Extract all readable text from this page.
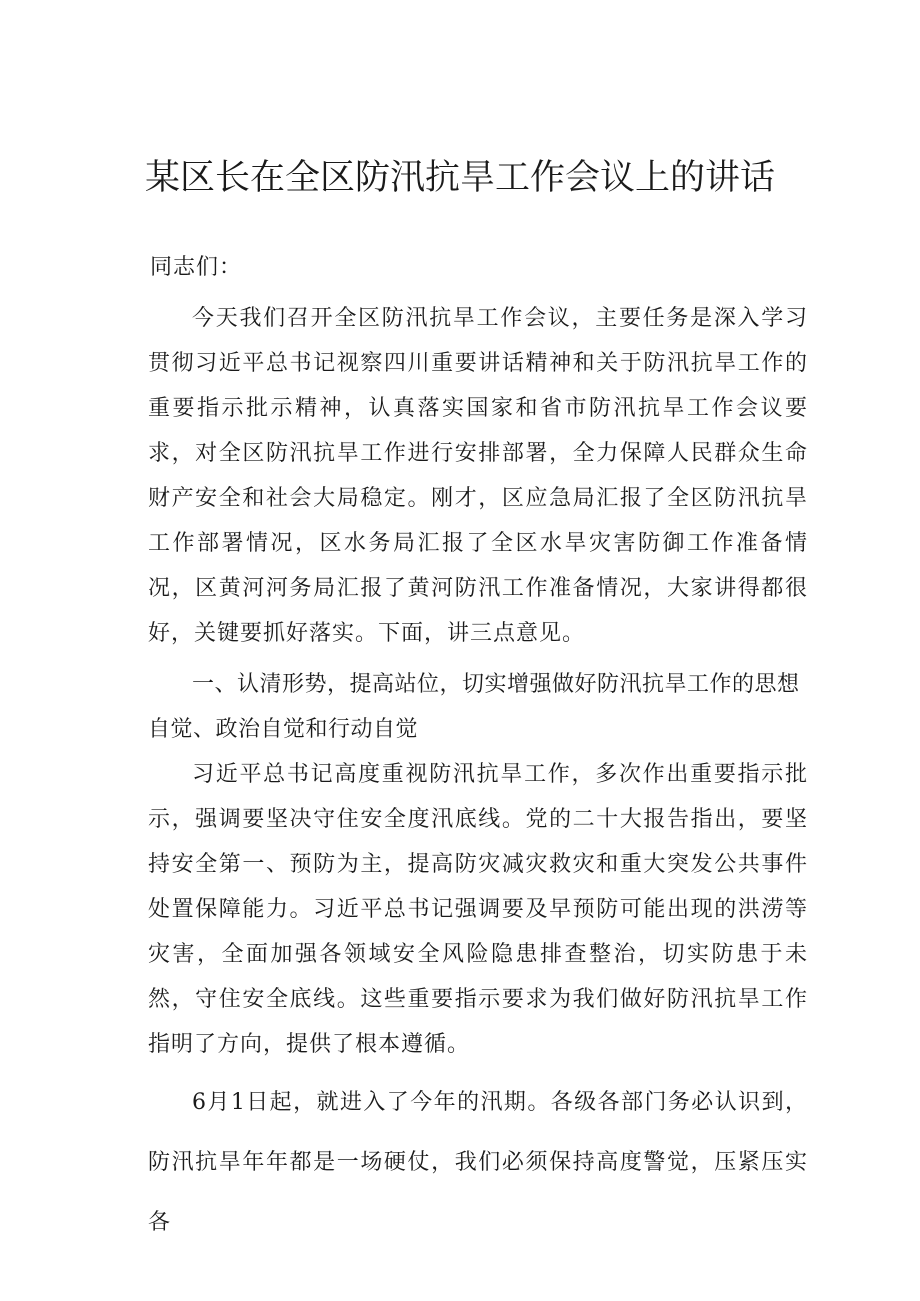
某区长在全区防汛抗旱工作会议上的讲话

同志们：

今天我们召开全区防汛抗旱工作会议，主要任务是深入学习贯彻习近平总书记视察四川重要讲话精神和关于防汛抗旱工作的重要指示批示精神，认真落实国家和省市防汛抗旱工作会议要求，对全区防汛抗旱工作进行安排部署，全力保障人民群众生命财产安全和社会大局稳定。刚才，区应急局汇报了全区防汛抗旱工作部署情况，区水务局汇报了全区水旱灾害防御工作准备情况，区黄河河务局汇报了黄河防汛工作准备情况，大家讲得都很好，关键要抓好落实。下面，讲三点意见。

一、认清形势，提高站位，切实增强做好防汛抗旱工作的思想自觉、政治自觉和行动自觉

习近平总书记高度重视防汛抗旱工作，多次作出重要指示批示，强调要坚决守住安全度汛底线。党的二十大报告指出，要坚持安全第一、预防为主，提高防灾减灾救灾和重大突发公共事件处置保障能力。习近平总书记强调要及早预防可能出现的洪涝等灾害，全面加强各领域安全风险隐患排查整治，切实防患于未然，守住安全底线。这些重要指示要求为我们做好防汛抗旱工作指明了方向，提供了根本遵循。

6月1日起，就进入了今年的汛期。各级各部门务必认识到，防汛抗旱年年都是一场硬仗，我们必须保持高度警觉，压紧压实各
